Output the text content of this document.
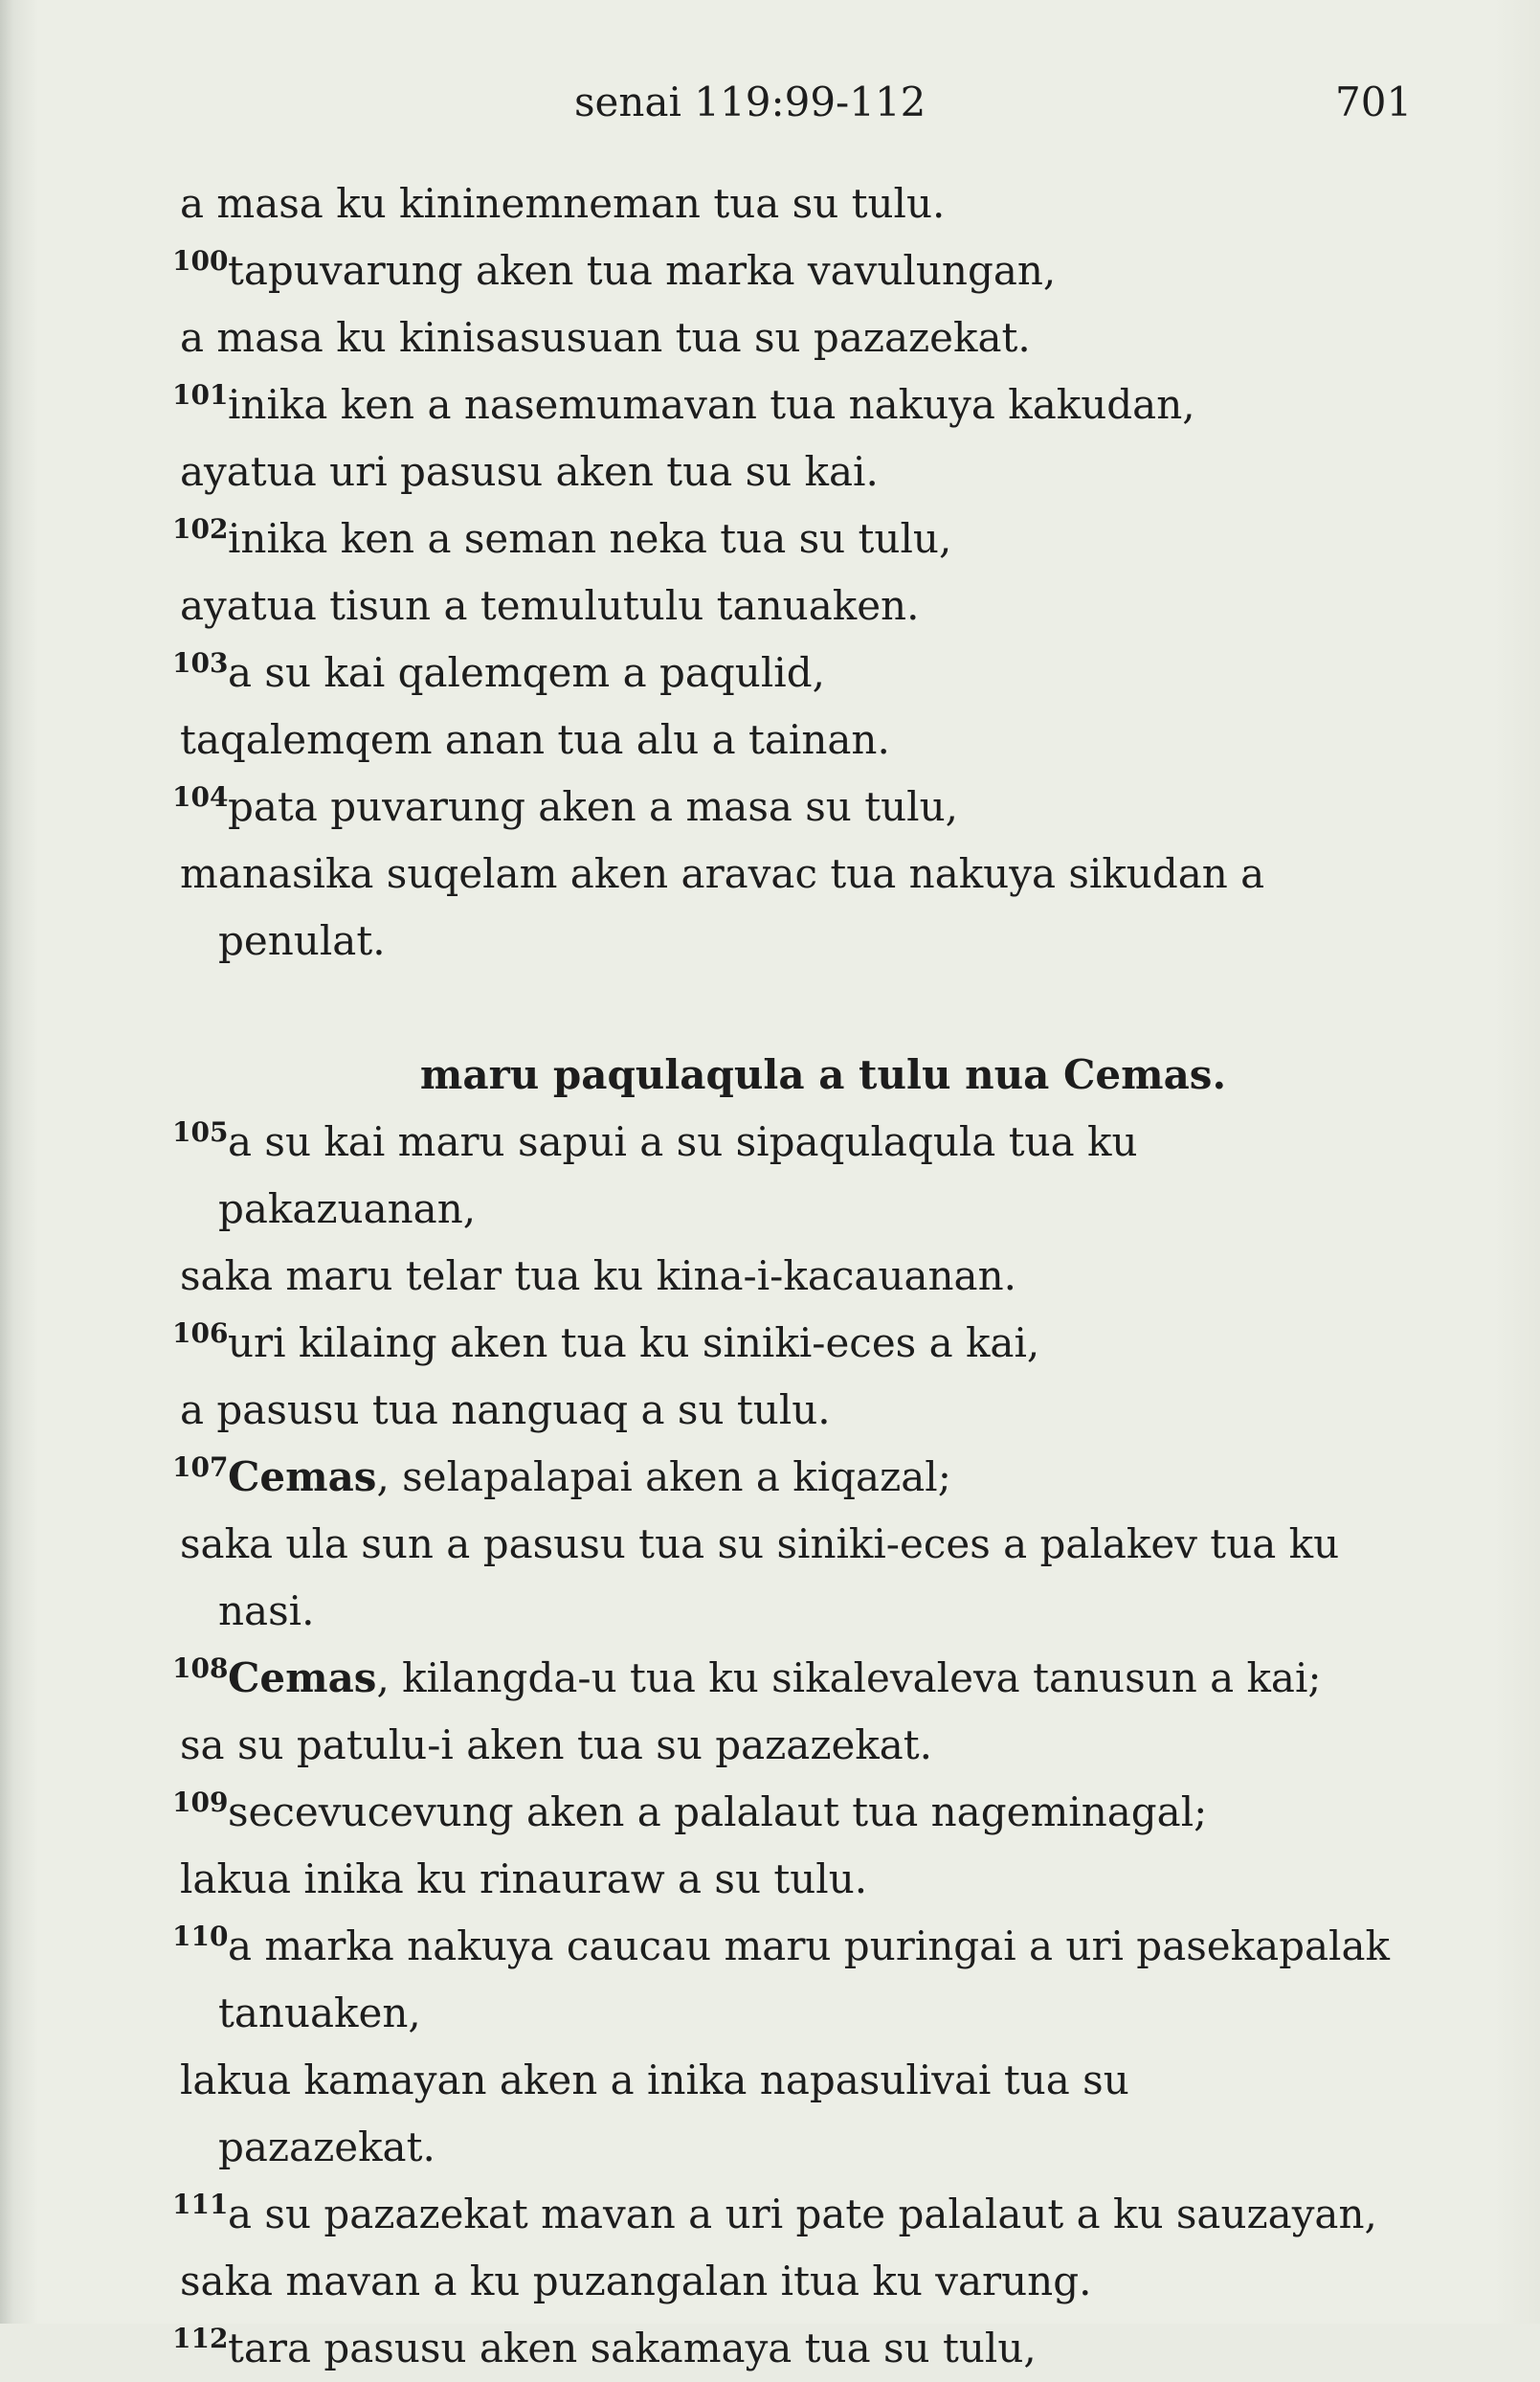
senai 119:99-112	701
a masa ku kininemneman tua su tulu.
100 tapuvarung aken tua marka vavulungan,
a masa ku kinisasusuan tua su pazazekat.
101 inika ken a nasemumavan tua nakuya kakudan,
ayatua uri pasusu aken tua su kai.
102 inika ken a seman neka tua su tulu,
ayatua tisun a temulutulu tanuaken.
103 a su kai qalemqem a paqulid,
taqalemqem anan tua alu a tainan.
104 pata puvarung aken a masa su tulu,
manasika suqelam aken aravac tua nakuya sikudan a
penulat.
maru paqulaqula a tulu nua Cemas.
105 a su kai maru sapui a su sipaqulaqula tua ku
pakazuanan,
saka maru telar tua ku kina-i-kacauanan.
106 uri kilaing aken tua ku siniki-eces a kai,
a pasusu tua nanguaq a su tulu.
107 Cemas, selapalapai aken a kiqazal;
saka ula sun a pasusu tua su siniki-eces a palakev tua ku
nasi.
108 Cemas, kilangda-u tua ku sikalevaleva tanusun a kai;
sa su patulu-i aken tua su pazazekat.
109 secevucevung aken a palalaut tua nageminagal;
lakua inika ku rinauraw a su tulu.
110 a marka nakuya caucau maru puringai a uri pasekapalak
tanuaken,
lakua kamayan aken a inika napasulivai tua su
pazazekat.
111 a su pazazekat mavan a uri pate palalaut a ku sauzayan,
saka mavan a ku puzangalan itua ku varung.
112 tara pasusu aken sakamaya tua su tulu,
